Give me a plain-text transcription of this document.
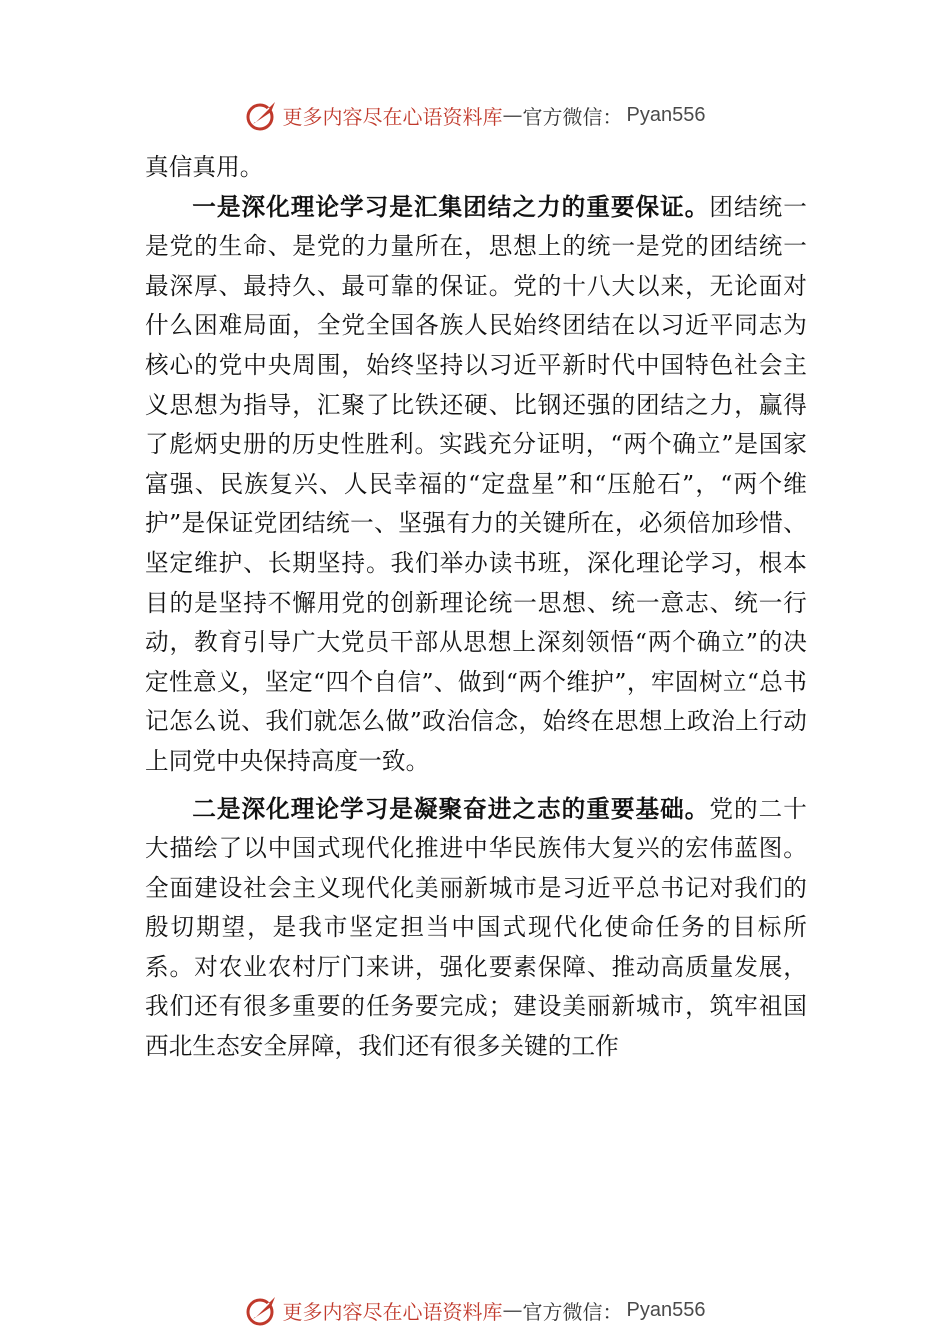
更多内容尽在心语资料库 — 官方微信： Pyan556

真信真用。

一是深化理论学习是汇集团结之力的重要保证。团结统一是党的生命、是党的力量所在，思想上的统一是党的团结统一最深厚、最持久、最可靠的保证。党的十八大以来，无论面对什么困难局面，全党全国各族人民始终团结在以习近平同志为核心的党中央周围，始终坚持以习近平新时代中国特色社会主义思想为指导，汇聚了比铁还硬、比钢还强的团结之力，赢得了彪炳史册的历史性胜利。实践充分证明，“两个确立”是国家富强、民族复兴、人民幸福的“定盘星”和“压舱石”，“两个维护”是保证党团结统一、坚强有力的关键所在，必须倍加珍惜、坚定维护、长期坚持。我们举办读书班，深化理论学习，根本目的是坚持不懈用党的创新理论统一思想、统一意志、统一行动，教育引导广大党员干部从思想上深刻领悟“两个确立”的决定性意义，坚定“四个自信”、做到“两个维护”，牢固树立“总书记怎么说、我们就怎么做”政治信念，始终在思想上政治上行动上同党中央保持高度一致。

二是深化理论学习是凝聚奋进之志的重要基础。党的二十大描绘了以中国式现代化推进中华民族伟大复兴的宏伟蓝图。全面建设社会主义现代化美丽新城市是习近平总书记对我们的殷切期望，是我市坚定担当中国式现代化使命任务的目标所系。对农业农村厅门来讲，强化要素保障、推动高质量发展，我们还有很多重要的任务要完成；建设美丽新城市，筑牢祖国西北生态安全屏障，我们还有很多关键的工作

更多内容尽在心语资料库 — 官方微信： Pyan556
